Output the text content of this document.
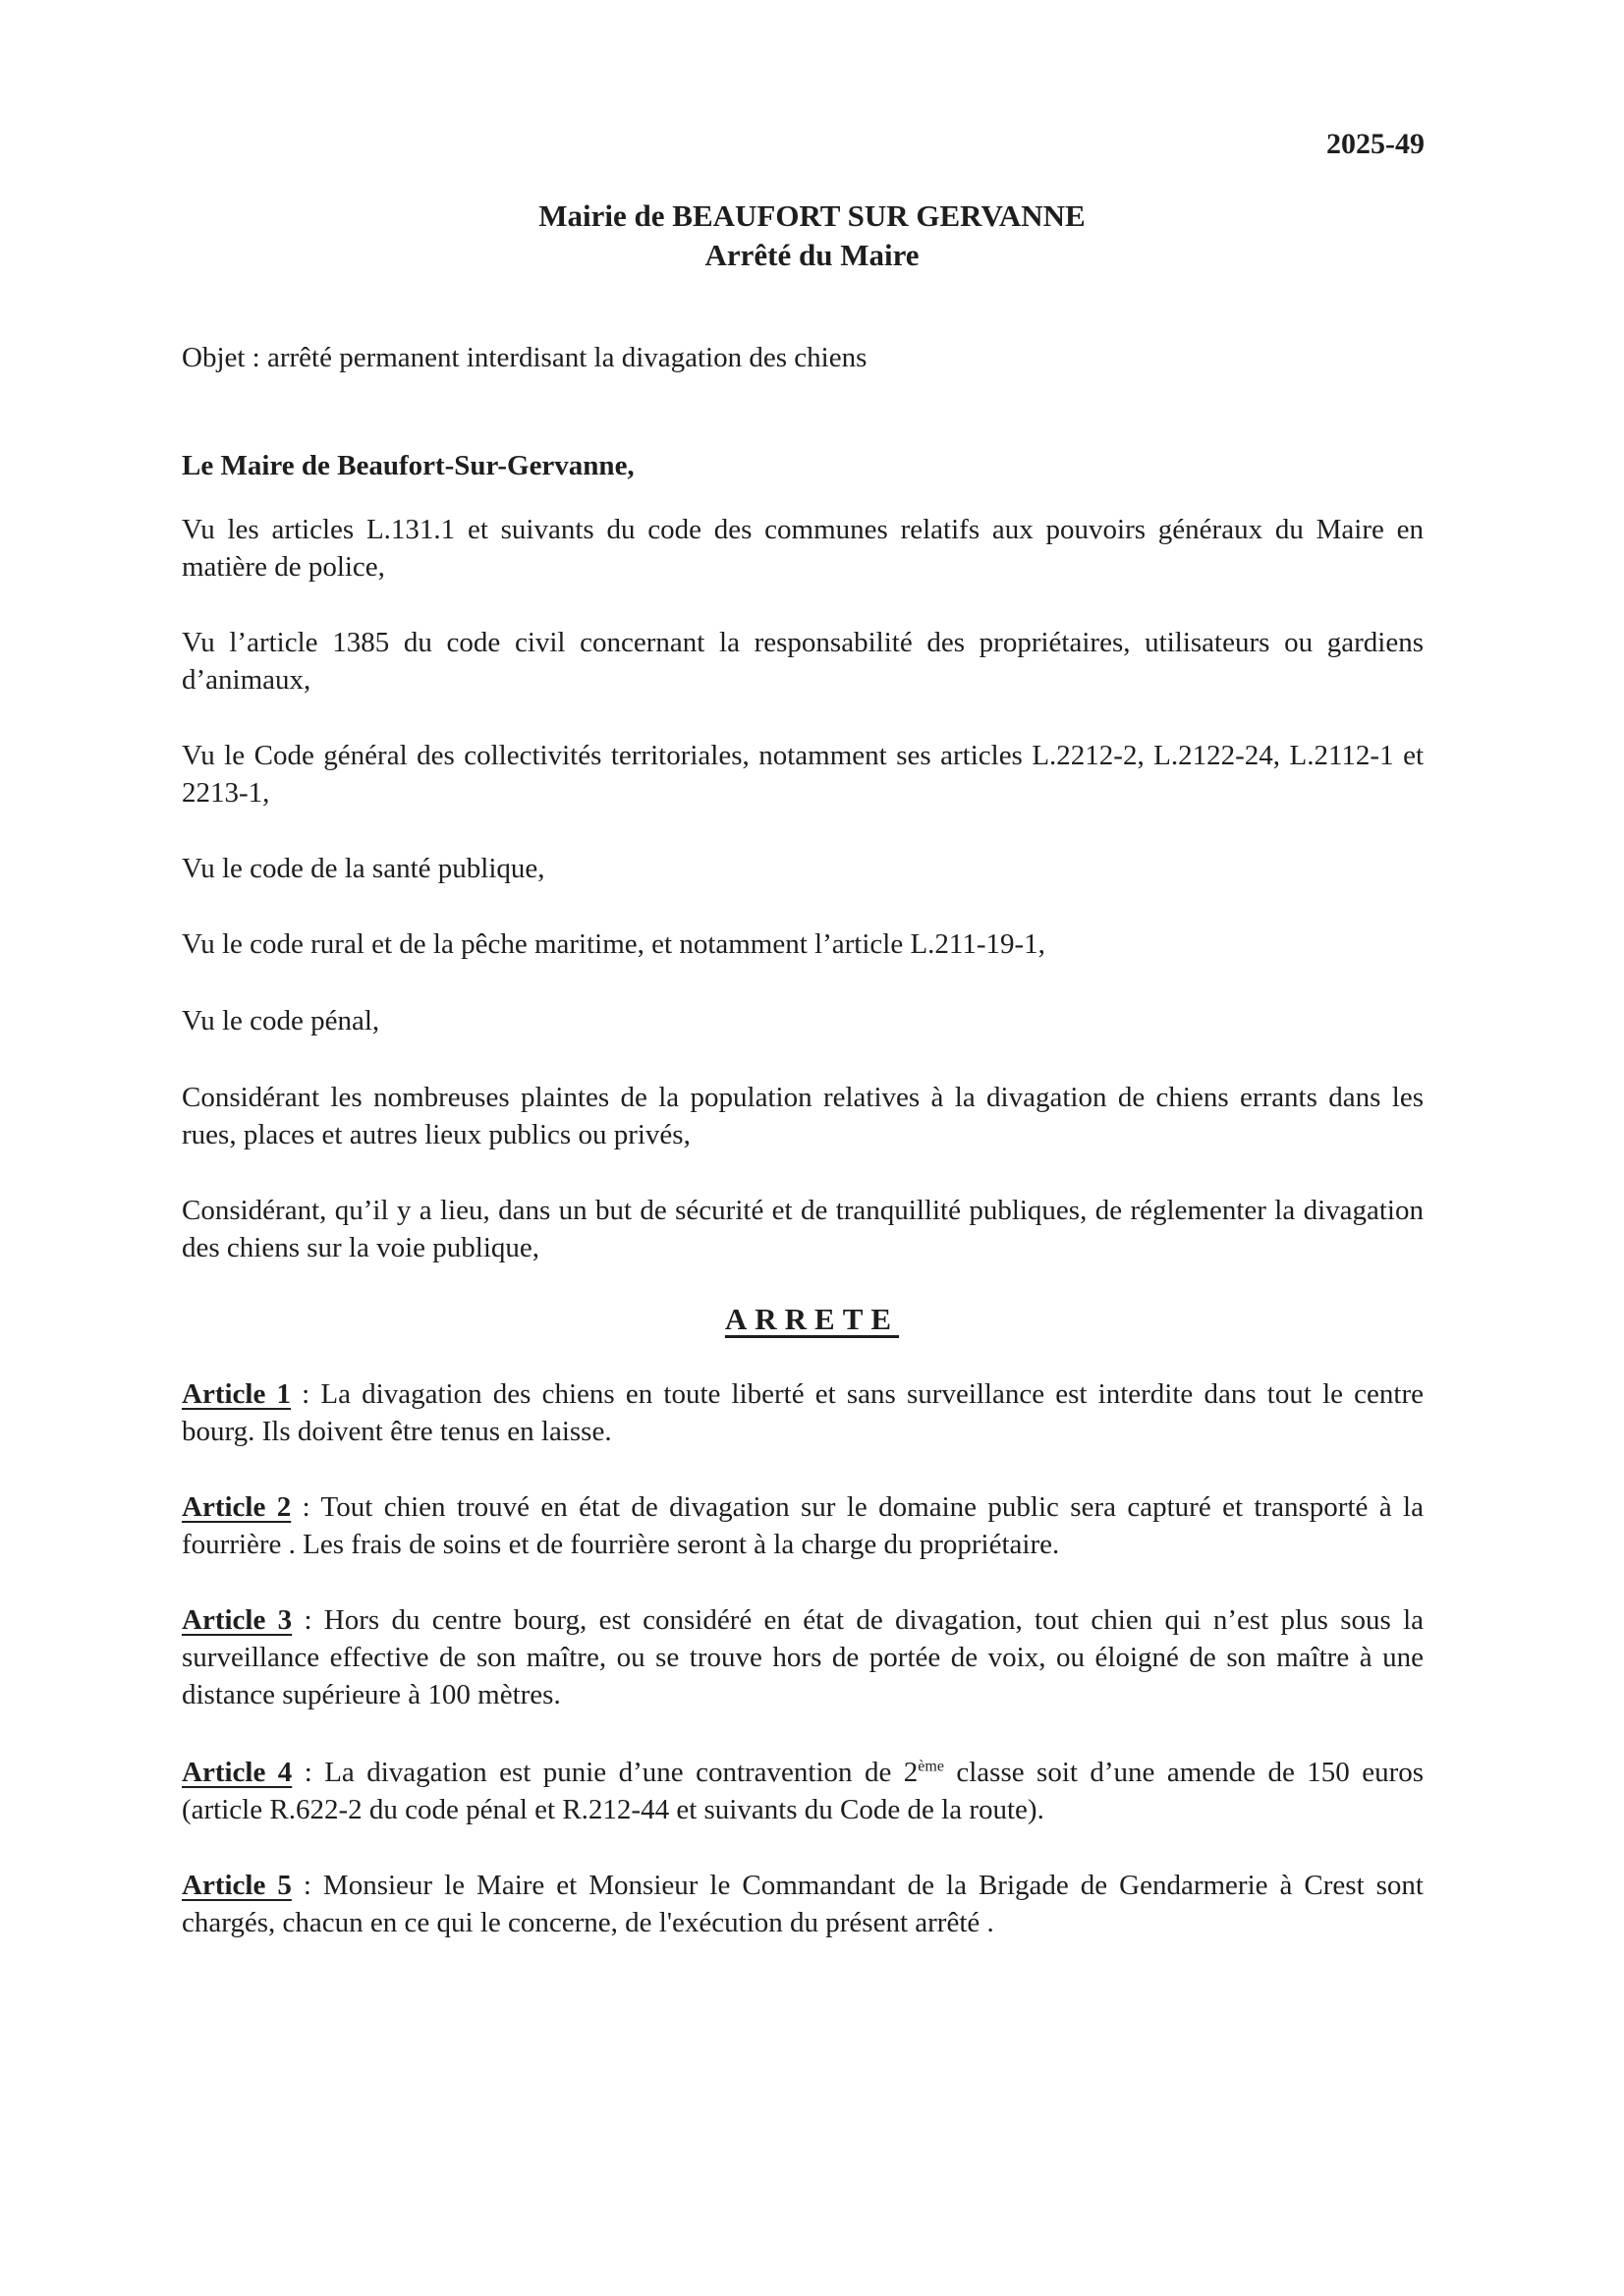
2025-49
Mairie de BEAUFORT SUR GERVANNE
Arrêté du Maire

Objet : arrêté permanent interdisant la divagation des chiens

Le Maire de Beaufort-Sur-Gervanne,

Vu les articles L.131.1 et suivants du code des communes relatifs aux pouvoirs généraux du Maire en matière de police,

Vu l’article 1385 du code civil concernant la responsabilité des propriétaires, utilisateurs ou gardiens d’animaux,

Vu le Code général des collectivités territoriales, notamment ses articles L.2212-2, L.2122-24, L.2112-1 et 2213-1,

Vu le code de la santé publique,

Vu le code rural et de la pêche maritime, et notamment l’article L.211-19-1,

Vu le code pénal,

Considérant les nombreuses plaintes de la population relatives à la divagation de chiens errants dans les rues, places et autres lieux publics ou privés,

Considérant, qu’il y a lieu, dans un but de sécurité et de tranquillité publiques, de réglementer la divagation des chiens sur la voie publique,

ARRETE

Article 1 : La divagation des chiens en toute liberté et sans surveillance est interdite dans tout le centre bourg. Ils doivent être tenus en laisse.

Article 2 : Tout chien trouvé en état de divagation sur le domaine public sera capturé et transporté à la fourrière . Les frais de soins et de fourrière seront à la charge du propriétaire.

Article 3 : Hors du centre bourg, est considéré en état de divagation, tout chien qui n’est plus sous la surveillance effective de son maître, ou se trouve hors de portée de voix, ou éloigné de son maître à une distance supérieure à 100 mètres.

Article 4 : La divagation est punie d’une contravention de 2ème classe soit d’une amende de 150 euros (article R.622-2 du code pénal et R.212-44 et suivants du Code de la route).

Article 5 : Monsieur le Maire et Monsieur le Commandant de la Brigade de Gendarmerie à Crest sont chargés, chacun en ce qui le concerne, de l'exécution du présent arrêté .
